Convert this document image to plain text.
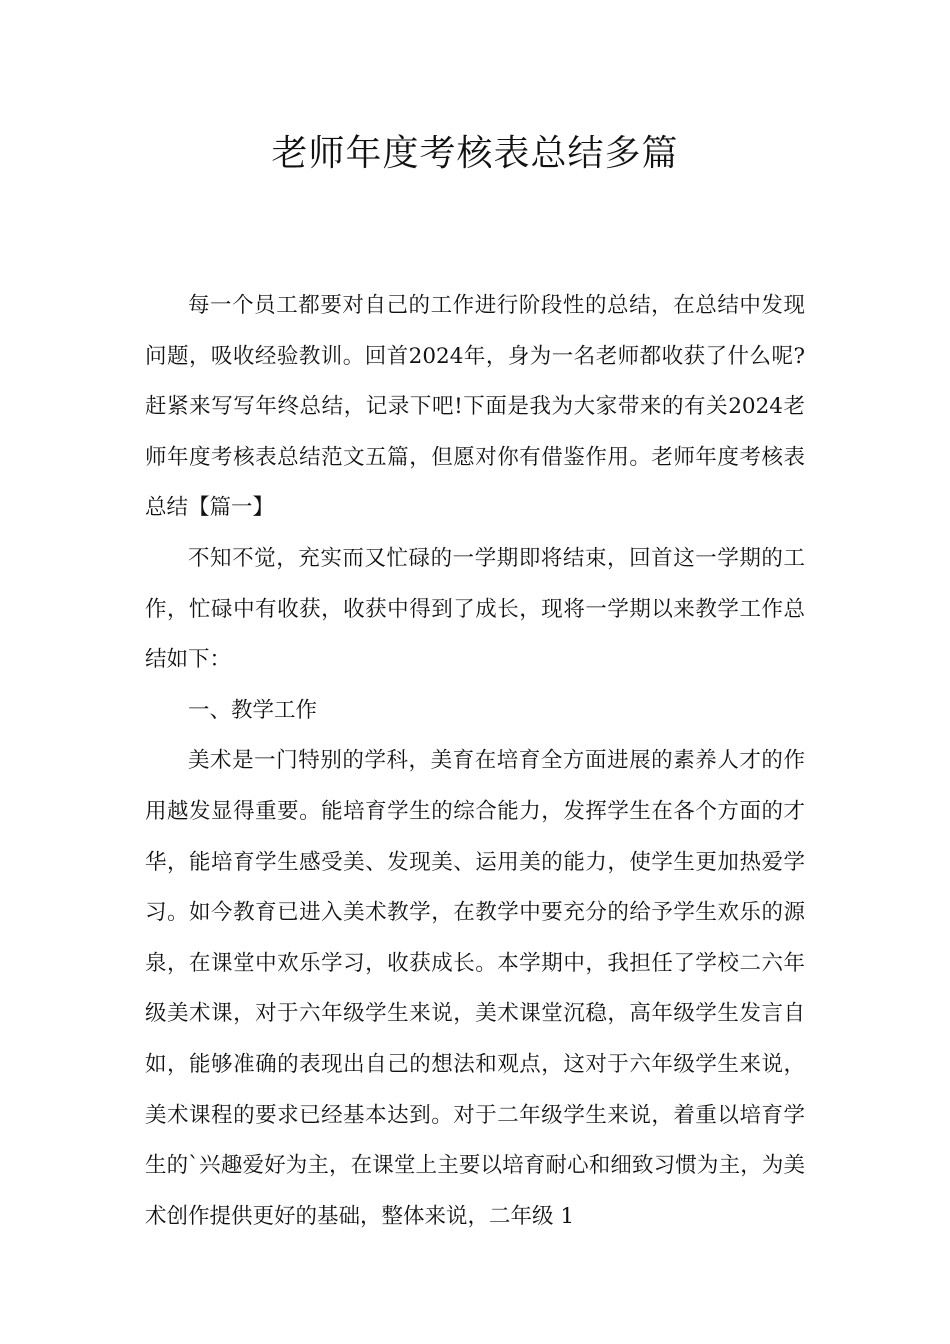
老师年度考核表总结多篇

每一个员工都要对自己的工作进行阶段性的总结，在总结中发现问题，吸收经验教训。回首2024年，身为一名老师都收获了什么呢?赶紧来写写年终总结，记录下吧!下面是我为大家带来的有关2024老师年度考核表总结范文五篇，但愿对你有借鉴作用。老师年度考核表总结【篇一】

不知不觉，充实而又忙碌的一学期即将结束，回首这一学期的工作，忙碌中有收获，收获中得到了成长，现将一学期以来教学工作总结如下：

一、教学工作

美术是一门特别的学科，美育在培育全方面进展的素养人才的作用越发显得重要。能培育学生的综合能力，发挥学生在各个方面的才华，能培育学生感受美、发现美、运用美的能力，使学生更加热爱学习。如今教育已进入美术教学，在教学中要充分的给予学生欢乐的源泉，在课堂中欢乐学习，收获成长。本学期中，我担任了学校二六年级美术课，对于六年级学生来说，美术课堂沉稳，高年级学生发言自如，能够准确的表现出自己的想法和观点，这对于六年级学生来说，美术课程的要求已经基本达到。对于二年级学生来说，着重以培育学生的`兴趣爱好为主，在课堂上主要以培育耐心和细致习惯为主，为美术创作提供更好的基础，整体来说，二年级 1
